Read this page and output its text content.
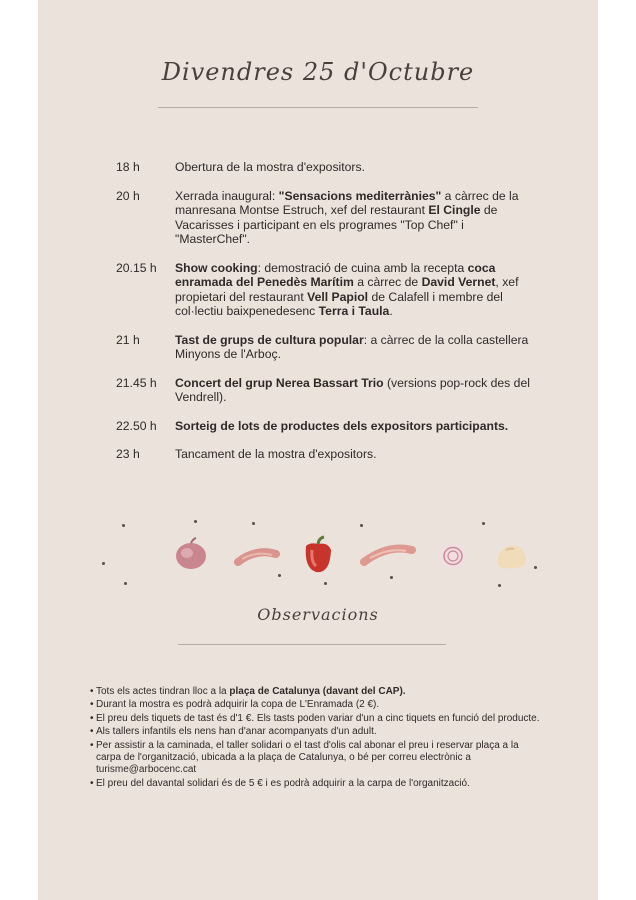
Divendres 25 d'Octubre
18 h	Obertura de la mostra d'expositors.
20 h	Xerrada inaugural: "Sensacions mediterrànies" a càrrec de la manresana Montse Estruch, xef del restaurant El Cingle de Vacarisses i participant en els programes "Top Chef" i "MasterChef".
20.15 h	Show cooking: demostració de cuina amb la recepta coca enramada del Penedès Marítim a càrrec de David Vernet, xef propietari del restaurant Vell Papiol de Calafell i membre del col·lectiu baixpenedesenc Terra i Taula.
21 h	Tast de grups de cultura popular: a càrrec de la colla castellera Minyons de l'Arboç.
21.45 h	Concert del grup Nerea Bassart Trio (versions pop-rock des del Vendrell).
22.50 h	Sorteig de lots de productes dels expositors participants.
23 h	Tancament de la mostra d'expositors.
Observacions
• Tots els actes tindran lloc a la plaça de Catalunya (davant del CAP).
• Durant la mostra es podrà adquirir la copa de L'Enramada (2 €).
• El preu dels tiquets de tast és d'1 €. Els tasts poden variar d'un a cinc tiquets en funció del producte.
• Als tallers infantils els nens han d'anar acompanyats d'un adult.
• Per assistir a la caminada, el taller solidari o el tast d'olis cal abonar el preu i reservar plaça a la carpa de l'organització, ubicada a la plaça de Catalunya, o bé per correu electrònic a turisme@arbocenc.cat
• El preu del davantal solidari és de 5 € i es podrà adquirir a la carpa de l'organització.
